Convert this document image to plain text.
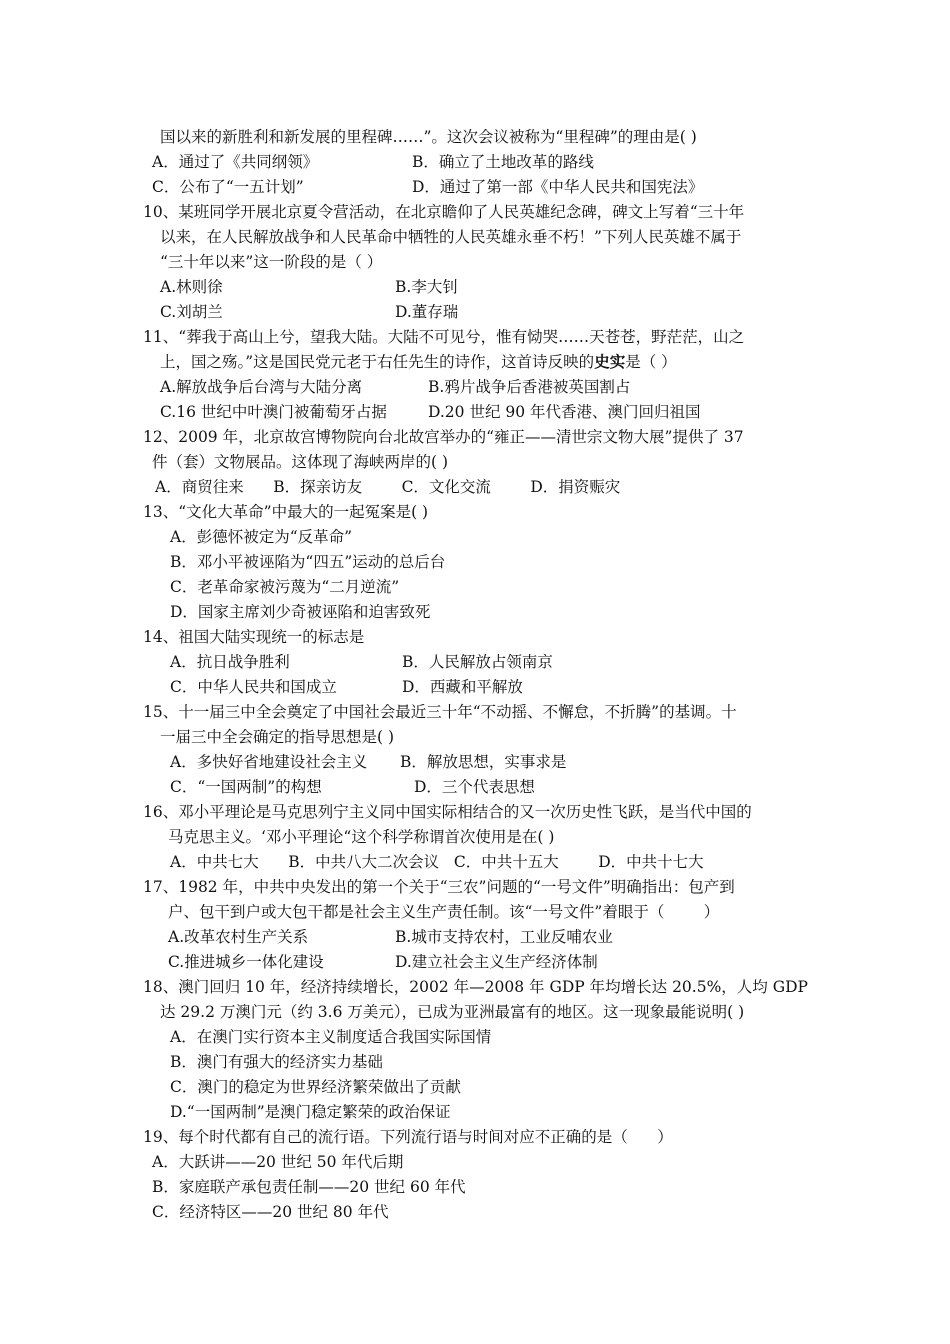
国以来的新胜利和新发展的里程碑……”。这次会议被称为“里程碑”的理由是( )
A．通过了《共同纲领》	B．确立了土地改革的路线
C．公布了“一五计划”	D．通过了第一部《中华人民共和国宪法》
10、某班同学开展北京夏令营活动，在北京瞻仰了人民英雄纪念碑，碑文上写着“三十年
以来，在人民解放战争和人民革命中牺牲的人民英雄永垂不朽！”下列人民英雄不属于
“三十年以来”这一阶段的是（ ）
A.林则徐	B.李大钊
C.刘胡兰	D.董存瑞
11、“葬我于高山上兮，望我大陆。大陆不可见兮，惟有恸哭……天苍苍，野茫茫，山之
上，国之殇。”这是国民党元老于右任先生的诗作，这首诗反映的史实是（ ）
A.解放战争后台湾与大陆分离	B.鸦片战争后香港被英国割占
C.16 世纪中叶澳门被葡萄牙占据	D.20 世纪 90 年代香港、澳门回归祖国
12、2009 年，北京故宫博物院向台北故宫举办的“雍正——清世宗文物大展”提供了 37
件（套）文物展品。这体现了海峡两岸的( )
A．商贸往来      B．探亲访友        C．文化交流        D．捐资赈灾
13、“文化大革命”中最大的一起冤案是( )
A．彭德怀被定为“反革命”
B．邓小平被诬陷为“四五”运动的总后台
C．老革命家被污蔑为“二月逆流”
D．国家主席刘少奇被诬陷和迫害致死
14、祖国大陆实现统一的标志是
A．抗日战争胜利	B．人民解放占领南京
C．中华人民共和国成立	D．西藏和平解放
15、十一届三中全会奠定了中国社会最近三十年“不动摇、不懈怠，不折腾”的基调。十
一届三中全会确定的指导思想是( )
A．多快好省地建设社会主义 B．解放思想，实事求是
C．“一国两制”的构想	D．三个代表思想
16、邓小平理论是马克思列宁主义同中国实际相结合的又一次历史性飞跃，是当代中国的
马克思主义。‘邓小平理论“这个科学称谓首次使用是在( )
A．中共七大      B．中共八大二次会议   C．中共十五大        D．中共十七大
17、1982 年，中共中央发出的第一个关于“三农”问题的“一号文件”明确指出：包产到
户、包干到户或大包干都是社会主义生产责任制。该“一号文件”着眼于（        ）
A.改革农村生产关系	B.城市支持农村，工业反哺农业
C.推进城乡一体化建设	D.建立社会主义生产经济体制
18、澳门回归 10 年，经济持续增长，2002 年—2008 年 GDP 年均增长达 20.5%，人均 GDP
达 29.2 万澳门元（约 3.6 万美元），已成为亚洲最富有的地区。这一现象最能说明( )
A．在澳门实行资本主义制度适合我国实际国情
B．澳门有强大的经济实力基础
C．澳门的稳定为世界经济繁荣做出了贡献
D.“一国两制”是澳门稳定繁荣的政治保证
19、每个时代都有自己的流行语。下列流行语与时间对应不正确的是（      ）
A．大跃讲——20 世纪 50 年代后期
B．家庭联产承包责任制——20 世纪 60 年代
C．经济特区——20 世纪 80 年代
